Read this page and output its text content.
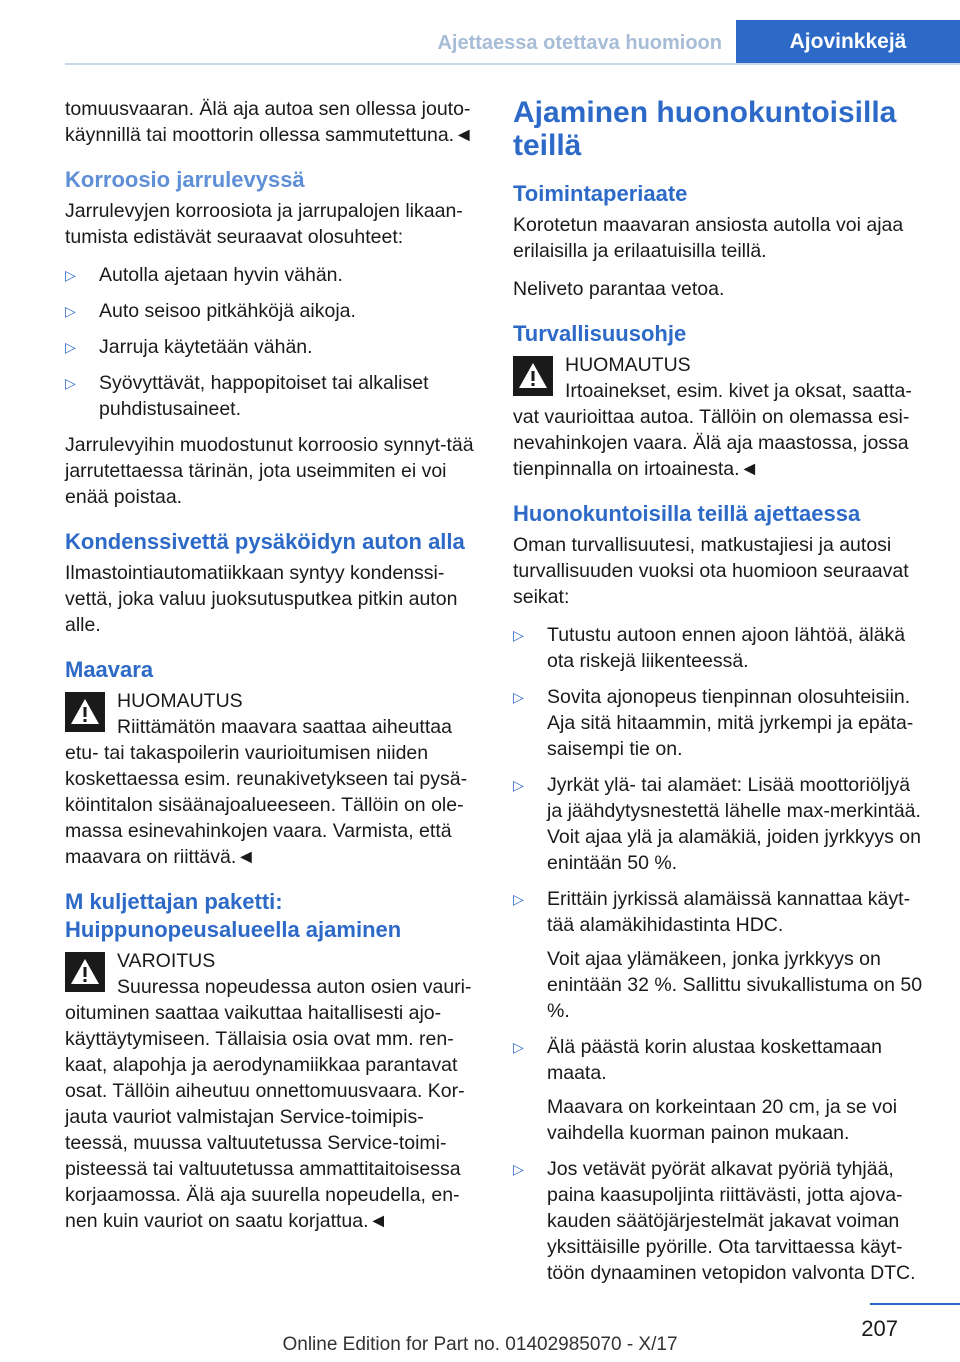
Ajettaessa otettava huomioon	Ajovinkkejä

tomuusvaaran. Älä aja autoa sen ollessa jouto-käynnillä tai moottorin ollessa sammutettuna.◄

Korroosio jarrulevyssä

Jarrulevyjen korroosiota ja jarrupalojen likaan-tumista edistävät seuraavat olosuhteet:

▷ Autolla ajetaan hyvin vähän.
▷ Auto seisoo pitkähköjä aikoja.
▷ Jarruja käytetään vähän.
▷ Syövyttävät, happopitoiset tai alkaliset puhdistusaineet.

Jarrulevyihin muodostunut korroosio synnyt-tää jarrutettaessa tärinän, jota useimmiten ei voi enää poistaa.

Kondenssivettä pysäköidyn auton alla

Ilmastointiautomatiikkaan syntyy kondenssi-vettä, joka valuu juoksutusputkea pitkin auton alle.

Maavara

HUOMAUTUS
Riittämätön maavara saattaa aiheuttaa etu- tai takaspoilerin vaurioitumisen niiden koskettaessa esim. reunakivetykseen tai pysä-köintitalon sisäänajoalueeseen. Tällöin on ole-massa esinevahinkojen vaara. Varmista, että maavara on riittävä.◄

M kuljettajan paketti:
Huippunopeusalueella ajaminen

VAROITUS
Suuressa nopeudessa auton osien vauri-oituminen saattaa vaikuttaa haitallisesti ajo-käyttäytymiseen. Tällaisia osia ovat mm. ren-kaat, alapohja ja aerodynamiikkaa parantavat osat. Tällöin aiheutuu onnettomuusvaara. Kor-jauta vauriot valmistajan Service-toimipis-teessä, muussa valtuutetussa Service-toimi-pisteessä tai valtuutetussa ammattitaitoisessa korjaamossa. Älä aja suurella nopeudella, en-nen kuin vauriot on saatu korjattua.◄

Ajaminen huonokuntoisilla
teillä
Toimintaperiaate

Korotetun maavaran ansiosta autolla voi ajaa erilaisilla ja erilaatuisilla teillä.

Neliveto parantaa vetoa.

Turvallisuusohje

HUOMAUTUS
Irtoainekset, esim. kivet ja oksat, saatta-vat vaurioittaa autoa. Tällöin on olemassa esi-nevahinkojen vaara. Älä aja maastossa, jossa tienpinnalla on irtoainesta.◄

Huonokuntoisilla teillä ajettaessa

Oman turvallisuutesi, matkustajiesi ja autosi turvallisuuden vuoksi ota huomioon seuraavat seikat:

▷ Tutustu autoon ennen ajoon lähtöä, äläkä ota riskejä liikenteessä.

▷ Sovita ajonopeus tienpinnan olosuhteisiin. Aja sitä hitaammin, mitä jyrkempi ja epätа-saisempi tie on.

▷ Jyrkät ylä- tai alamäet: Lisää moottoriöljyä ja jäähdytysnestettä lähelle max-merkintää. Voit ajaa ylä ja alamäkiä, joiden jyrkkyys on enintään 50 %.

▷ Erittäin jyrkissä alamäissä kannattaa käyt-tää alamäkihidastinta HDC.

Voit ajaa ylämäkeen, jonka jyrkkyys on enintään 32 %. Sallittu sivukallistuma on 50 %.

▷ Älä päästä korin alustaa koskettamaan maata.

Maavara on korkeintaan 20 cm, ja se voi vaihdella kuorman painon mukaan.

▷ Jos vetävät pyörät alkavat pyöriä tyhjää, paina kaasupoljinta riittävästi, jotta ajova-kauden säätöjärjestelmät jakavat voiman yksittäisille pyörille. Ota tarvittaessa käyt-töön dynaaminen vetopidon valvonta DTC.

207
Online Edition for Part no. 01402985070 - X/17
